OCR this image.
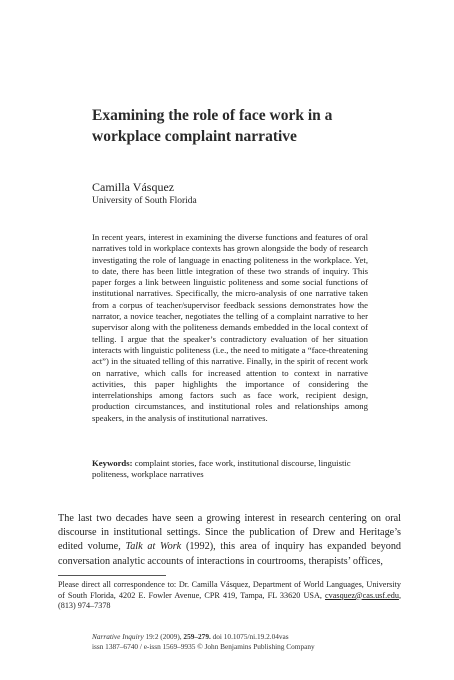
Examining the role of face work in a workplace complaint narrative
Camilla Vásquez
University of South Florida

In recent years, interest in examining the diverse functions and features of oral narratives told in workplace contexts has grown alongside the body of research investigating the role of language in enacting politeness in the workplace. Yet, to date, there has been little integration of these two strands of inquiry. This paper forges a link between linguistic politeness and some social functions of institutional narratives. Specifically, the micro-analysis of one narrative taken from a corpus of teacher/supervisor feedback sessions demonstrates how the narrator, a novice teacher, negotiates the telling of a complaint narrative to her supervisor along with the politeness demands embedded in the local context of telling. I argue that the speaker’s contradictory evaluation of her situation interacts with linguistic politeness (i.e., the need to mitigate a “face-threatening act”) in the situated telling of this narrative. Finally, in the spirit of recent work on narrative, which calls for increased attention to context in narrative activities, this paper highlights the importance of considering the interrelationships among factors such as face work, recipient design, production circumstances, and institutional roles and relationships among speakers, in the analysis of institutional narratives.

Keywords: complaint stories, face work, institutional discourse, linguistic politeness, workplace narratives

The last two decades have seen a growing interest in research centering on oral discourse in institutional settings. Since the publication of Drew and Heritage’s edited volume, Talk at Work (1992), this area of inquiry has expanded beyond conversation analytic accounts of interactions in courtrooms, therapists’ offices,

Please direct all correspondence to: Dr. Camilla Vásquez, Department of World Languages, University of South Florida, 4202 E. Fowler Avenue, CPR 419, Tampa, FL 33620 USA, cvasquez@cas.usf.edu, (813) 974–7378

Narrative Inquiry 19:2 (2009), 259–279. doi 10.1075/ni.19.2.04vas
issn 1387–6740 / e-issn 1569–9935 © John Benjamins Publishing Company
